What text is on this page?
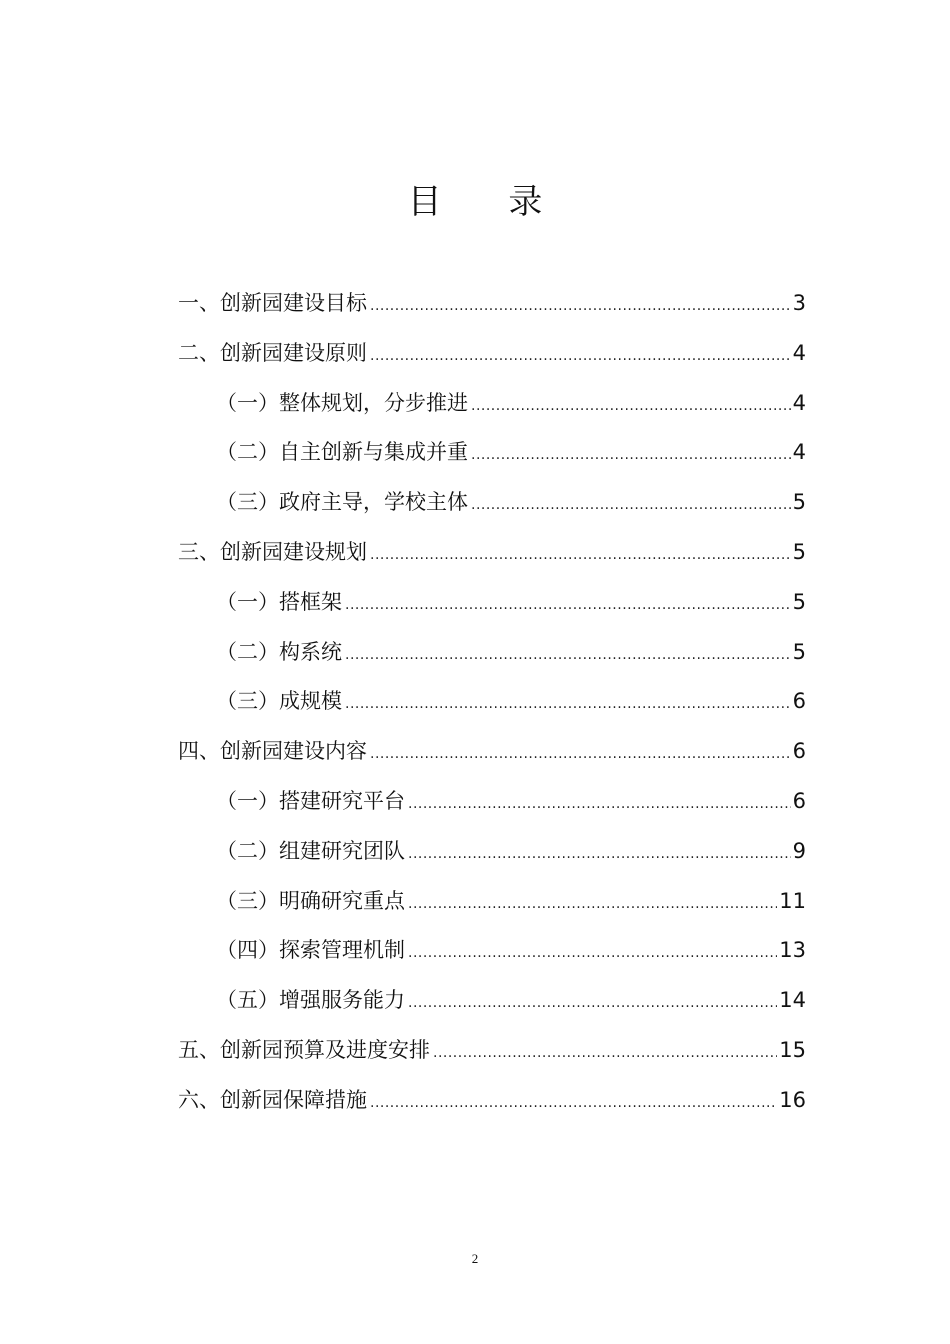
目 录
一、创新园建设目标 .....	3
二、创新园建设原则 .....	4
（一）整体规划，分步推进 .....	4
（二）自主创新与集成并重 .....	4
（三）政府主导，学校主体 .....	5
三、创新园建设规划 .....	5
（一）搭框架 .....	5
（二）构系统 .....	5
（三）成规模 .....	6
四、创新园建设内容 .....	6
（一）搭建研究平台 .....	6
（二）组建研究团队 .....	9
（三）明确研究重点 .....	11
（四）探索管理机制 .....	13
（五）增强服务能力 .....	14
五、创新园预算及进度安排 .....	15
六、创新园保障措施 .....	16
2
